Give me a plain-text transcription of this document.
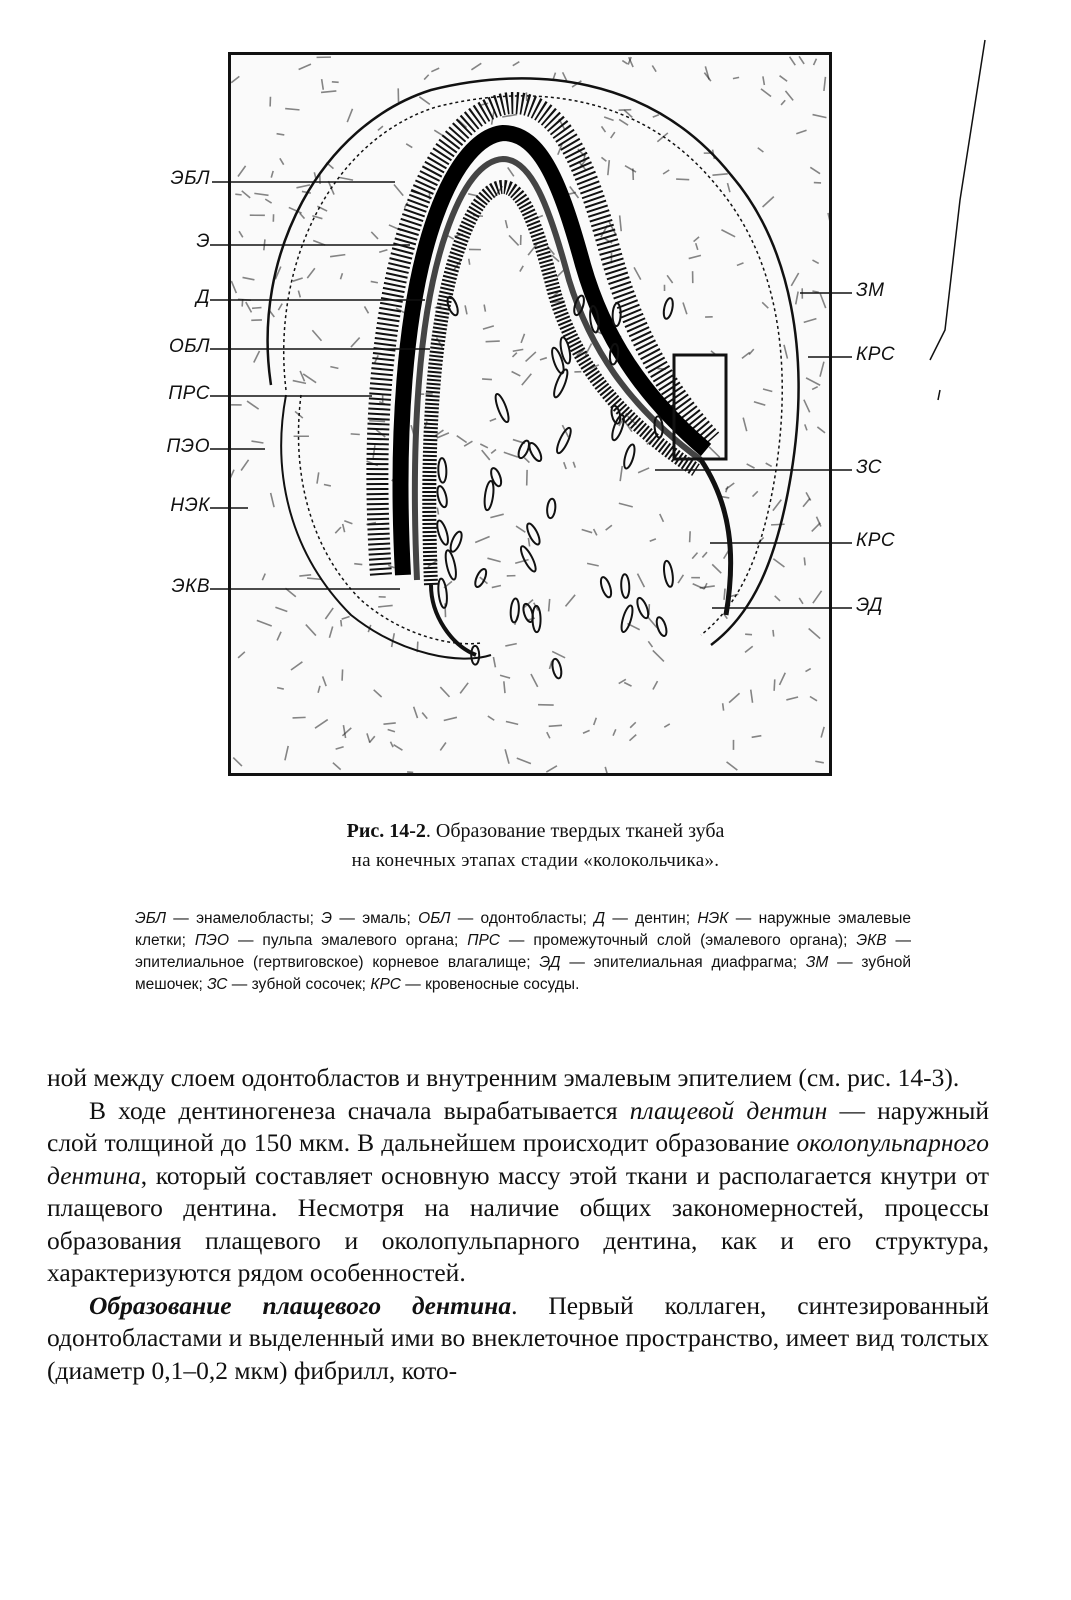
ЭБЛ
Э
Д
ОБЛ
ПРС
ПЭО
НЭК
ЭКВ
ЗМ
КРС
ЗС
КРС
ЭД
Рис. 14-2. Образование твердых тканей зуба
на конечных этапах стадии «колокольчика».
ЭБЛ — энамелобласты; Э — эмаль; ОБЛ — одонтобласты; Д — дентин; НЭК — наружные эмалевые клетки; ПЭО — пульпа эмалевого органа; ПРС — промежуточный слой (эмалевого органа); ЭКВ — эпителиальное (гертвиговское) корневое влагалище; ЭД — эпителиальная диафрагма; ЗМ — зубной мешочек; ЗС — зубной сосочек; КРС — кровеносные сосуды.

ной между слоем одонтобластов и внутренним эмалевым эпителием (см. рис. 14-3).

В ходе дентиногенеза сначала вырабатывается плащевой дентин — наружный слой толщиной до 150 мкм. В дальнейшем происходит образование околопульпарного дентина, который составляет основную массу этой ткани и располагается кнутри от плащевого дентина. Несмотря на наличие общих закономерностей, процессы образования плащевого и околопульпарного дентина, как и его структура, характеризуются рядом особенностей.

Образование плащевого дентина. Первый коллаген, синтезированный одонтобластами и выделенный ими во внеклеточное пространство, имеет вид толстых (диаметр 0,1–0,2 мкм) фибрилл, кото-
